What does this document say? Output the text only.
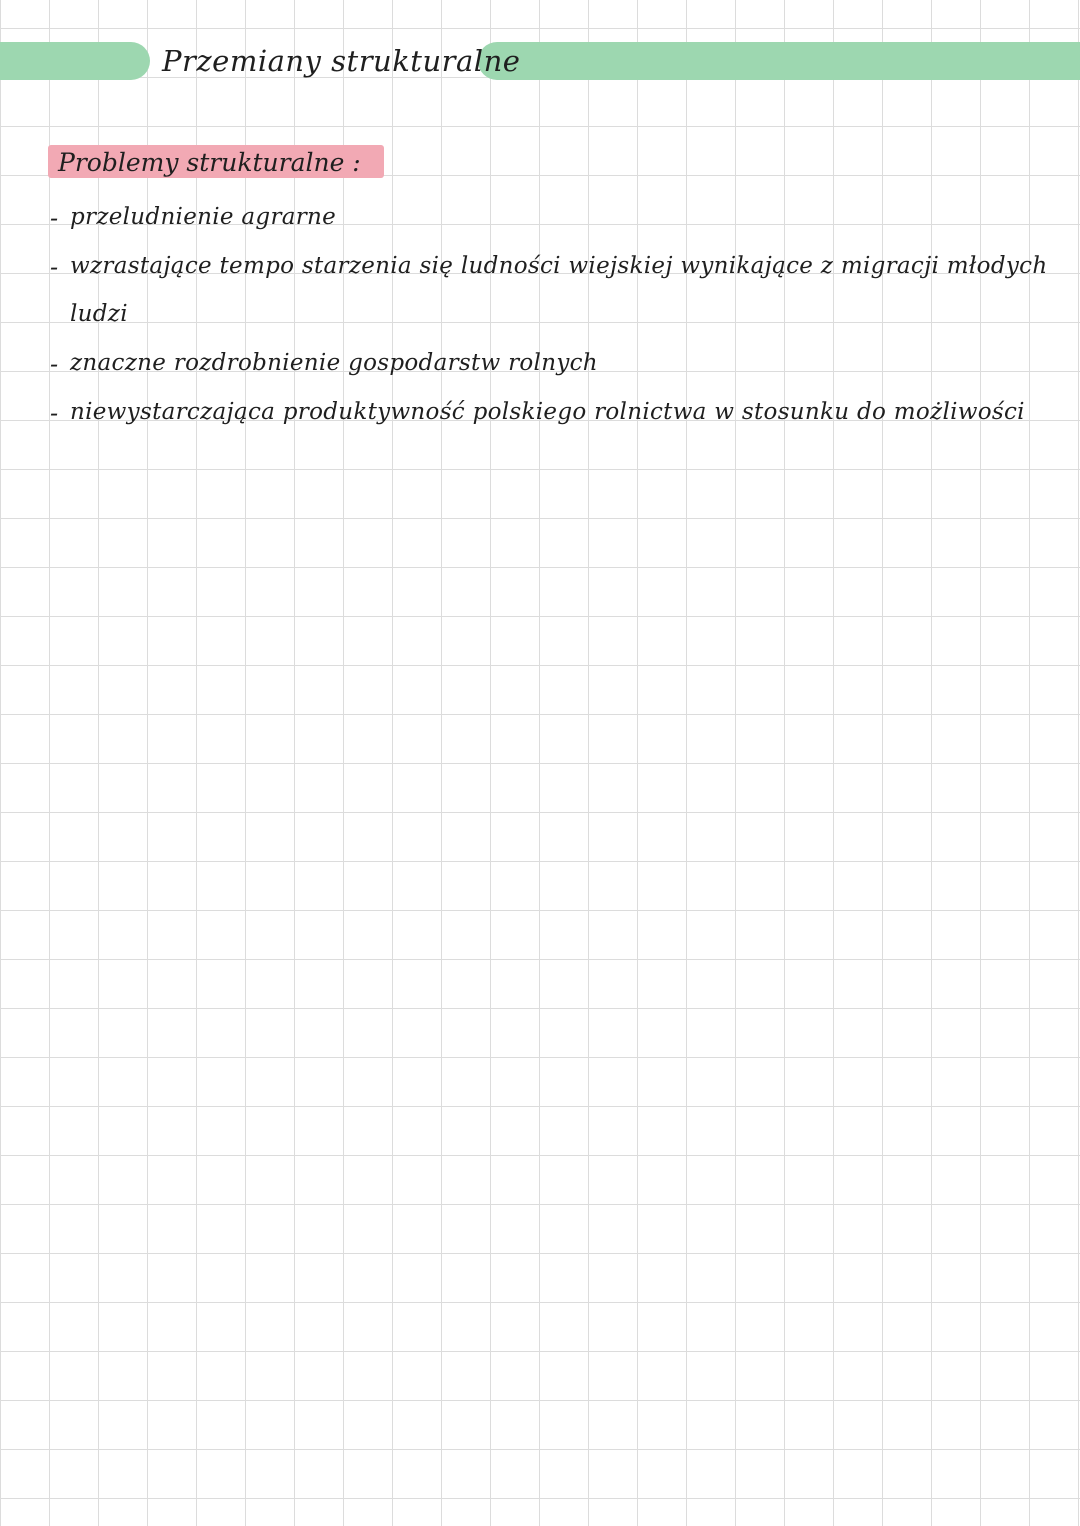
Przemiany strukturalne
Problemy strukturalne :
- przeludnienie agrarne
- wzrastające tempo starzenia się ludności wiejskiej wynikające z migracji młodych ludzi
- znaczne rozdrobnienie gospodarstw rolnych
- niewystarczająca produktywność polskiego rolnictwa w stosunku do możliwości
